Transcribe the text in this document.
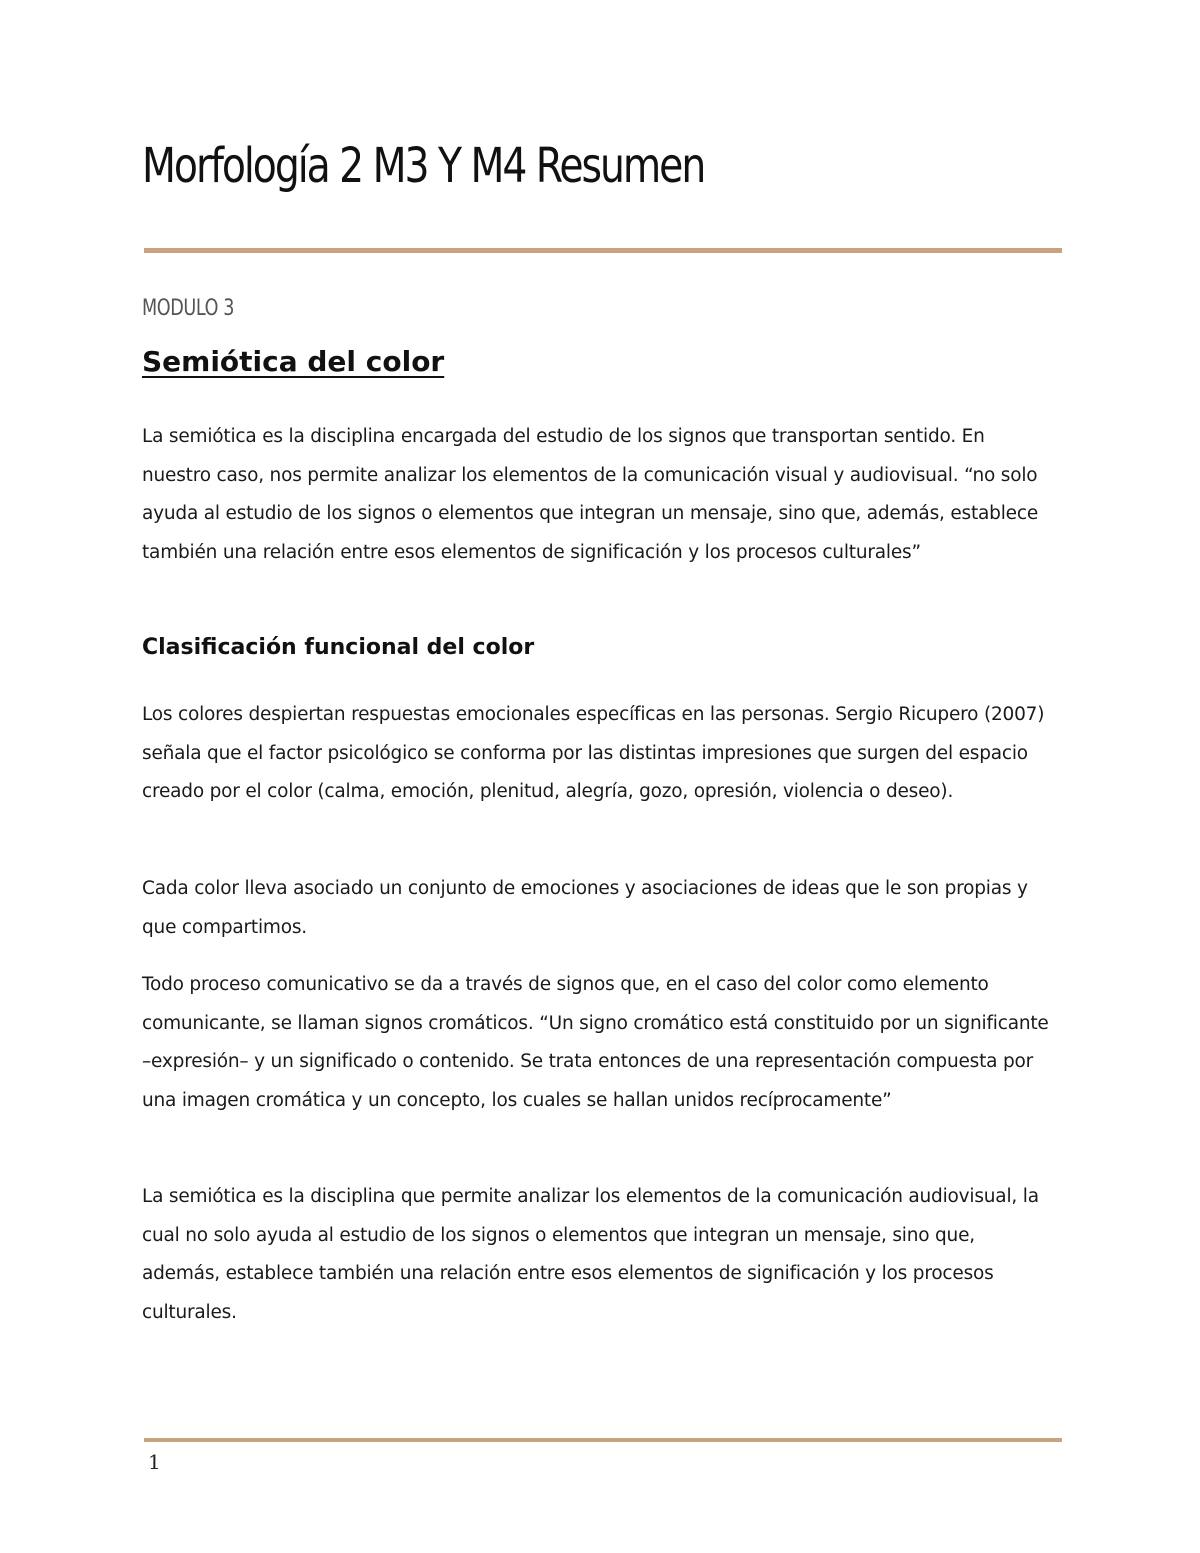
Morfología 2 M3 Y M4 Resumen
MODULO 3
Semiótica del color

La semiótica es la disciplina encargada del estudio de los signos que transportan sentido. En nuestro caso, nos permite analizar los elementos de la comunicación visual y audiovisual. “no solo ayuda al estudio de los signos o elementos que integran un mensaje, sino que, además, establece también una relación entre esos elementos de significación y los procesos culturales”

Clasificación funcional del color

Los colores despiertan respuestas emocionales específicas en las personas. Sergio Ricupero (2007) señala que el factor psicológico se conforma por las distintas impresiones que surgen del espacio creado por el color (calma, emoción, plenitud, alegría, gozo, opresión, violencia o deseo).

Cada color lleva asociado un conjunto de emociones y asociaciones de ideas que le son propias y que compartimos.

Todo proceso comunicativo se da a través de signos que, en el caso del color como elemento comunicante, se llaman signos cromáticos. “Un signo cromático está constituido por un significante –expresión– y un significado o contenido. Se trata entonces de una representación compuesta por una imagen cromática y un concepto, los cuales se hallan unidos recíprocamente”

La semiótica es la disciplina que permite analizar los elementos de la comunicación audiovisual, la cual no solo ayuda al estudio de los signos o elementos que integran un mensaje, sino que, además, establece también una relación entre esos elementos de significación y los procesos culturales.

1
